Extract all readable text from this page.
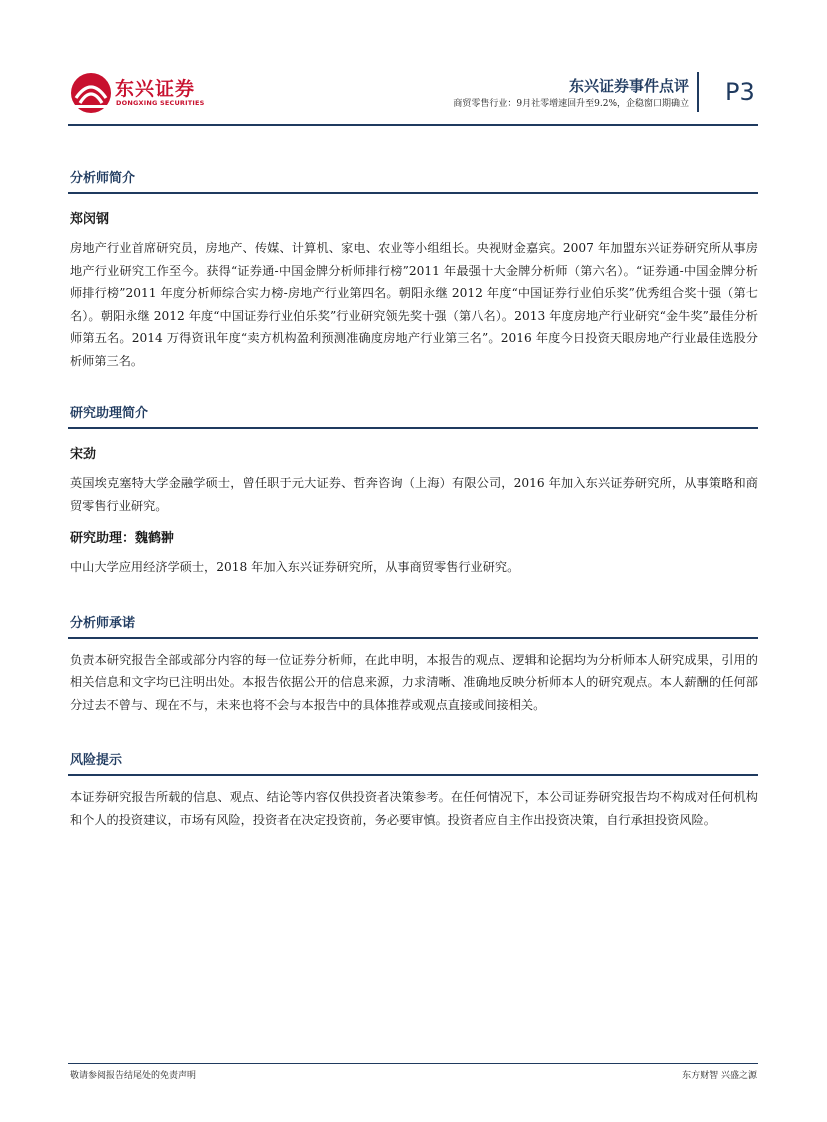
东兴证券
DONGXING SECURITIES
东兴证券事件点评
商贸零售行业：9月社零增速回升至9.2%，企稳窗口期确立 P3
分析师简介
郑闵钢
房地产行业首席研究员，房地产、传媒、计算机、家电、农业等小组组长。央视财金嘉宾。2007 年加盟东兴证券研究所从事房地产行业研究工作至今。获得“证券通-中国金牌分析师排行榜”2011 年最强十大金牌分析师（第六名）。“证券通-中国金牌分析师排行榜”2011 年度分析师综合实力榜-房地产行业第四名。朝阳永继 2012 年度“中国证券行业伯乐奖”优秀组合奖十强（第七名）。朝阳永继 2012 年度“中国证券行业伯乐奖”行业研究领先奖十强（第八名）。2013 年度房地产行业研究“金牛奖”最佳分析师第五名。2014 万得资讯年度“卖方机构盈利预测准确度房地产行业第三名”。2016 年度今日投资天眼房地产行业最佳选股分析师第三名。
研究助理简介
宋劲
英国埃克塞特大学金融学硕士，曾任职于元大证券、哲奔咨询（上海）有限公司，2016 年加入东兴证券研究所，从事策略和商贸零售行业研究。
研究助理：魏鹤翀
中山大学应用经济学硕士，2018 年加入东兴证券研究所，从事商贸零售行业研究。
分析师承诺
负责本研究报告全部或部分内容的每一位证券分析师，在此申明，本报告的观点、逻辑和论据均为分析师本人研究成果，引用的相关信息和文字均已注明出处。本报告依据公开的信息来源，力求清晰、准确地反映分析师本人的研究观点。本人薪酬的任何部分过去不曾与、现在不与，未来也将不会与本报告中的具体推荐或观点直接或间接相关。
风险提示
本证券研究报告所载的信息、观点、结论等内容仅供投资者决策参考。在任何情况下，本公司证券研究报告均不构成对任何机构和个人的投资建议，市场有风险，投资者在决定投资前，务必要审慎。投资者应自主作出投资决策，自行承担投资风险。
敬请参阅报告结尾处的免责声明	东方财智 兴盛之源
